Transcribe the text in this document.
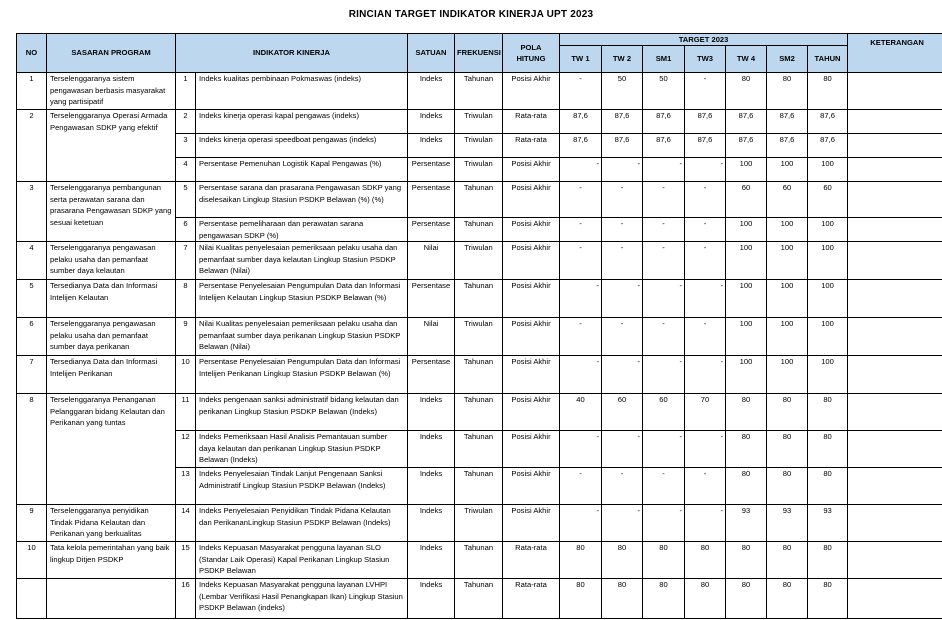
RINCIAN TARGET INDIKATOR KINERJA UPT 2023
NO	SASARAN PROGRAM	INDIKATOR KINERJA		SATUAN	FREKUENSI	POLA HITUNG	TARGET 2023							KETERANGAN
							TW 1	TW 2	SM1	TW3	TW 4	SM2	TAHUN	
1	Terselenggaranya sistem pengawasan berbasis masyarakat yang partisipatif	1	Indeks kualitas pembinaan Pokmaswas (indeks)	Indeks	Tahunan	Posisi Akhir	-	50	50	-	80	80	80	
2	Terselenggaranya Operasi Armada Pengawasan SDKP yang efektif	2	Indeks kinerja operasi kapal pengawas (indeks)	Indeks	Triwulan	Rata-rata	87,6	87,6	87,6	87,6	87,6	87,6	87,6	
		3	Indeks kinerja operasi speedboat pengawas (indeks)	Indeks	Triwulan	Rata-rata	87,6	87,6	87,6	87,6	87,6	87,6	87,6	
		4	Persentase Pemenuhan Logistik Kapal Pengawas (%)	Persentase	Triwulan	Posisi Akhir	-	-	-	-	100	100	100	
3	Terselenggaranya pembangunan serta perawatan sarana dan prasarana Pengawasan SDKP yang sesuai ketetuan	5	Persentase sarana dan prasarana Pengawasan SDKP yang diselesaikan Lingkup Stasiun PSDKP Belawan (%) (%)	Persentase	Tahunan	Posisi Akhir	-	-	-	-	60	60	60	
		6	Persentase pemeliharaan dan perawatan sarana pengawasan SDKP (%)	Persentase	Tahunan	Posisi Akhir	-	-	-	-	100	100	100	
4	Terselenggaranya pengawasan pelaku usaha dan pemanfaat sumber daya kelautan	7	Nilai Kualitas penyelesaian pemeriksaan pelaku usaha dan pemanfaat sumber daya kelautan Lingkup Stasiun PSDKP Belawan (Nilai)	Nilai	Triwulan	Posisi Akhir	-	-	-	-	100	100	100	
5	Tersedianya Data dan Informasi Intelijen Kelautan	8	Persentase Penyelesaian Pengumpulan Data dan Informasi Intelijen Kelautan Lingkup Stasiun PSDKP Belawan (%)	Persentase	Tahunan	Posisi Akhir	-	-	-	-	100	100	100	
6	Terselenggaranya pengawasan pelaku usaha dan pemanfaat sumber daya perikanan	9	Nilai Kualitas penyelesaian pemeriksaan pelaku usaha dan pemanfaat sumber daya perikanan Lingkup Stasiun PSDKP Belawan (Nilai)	Nilai	Triwulan	Posisi Akhir	-	-	-	-	100	100	100	
7	Tersedianya Data dan Informasi Intelijen Perikanan	10	Persentase Penyelesaian Pengumpulan Data dan Informasi Intelijen Perikanan Lingkup Stasiun PSDKP Belawan (%)	Persentase	Tahunan	Posisi Akhir	-	-	-	-	100	100	100	
8	Terselenggaranya Penanganan Pelanggaran bidang Kelautan dan Perikanan yang tuntas	11	Indeks pengenaan sanksi administratif bidang kelautan dan perikanan Lingkup Stasiun PSDKP Belawan (Indeks)	Indeks	Tahunan	Posisi Akhir	40	60	60	70	80	80	80	
		12	Indeks Pemeriksaan Hasil Analisis Pemantauan sumber daya kelautan dan perikanan Lingkup Stasiun PSDKP Belawan (Indeks)	Indeks	Tahunan	Posisi Akhir	-	-	-	-	80	80	80	
		13	Indeks Penyelesaian Tindak Lanjut Pengenaan Sanksi Administratif Lingkup Stasiun PSDKP Belawan (Indeks)	Indeks	Tahunan	Posisi Akhir	-	-	-	-	80	80	80	
9	Terselenggaranya penyidikan Tindak Pidana Kelautan dan Perikanan yang berkualitas	14	Indeks Penyelesaian Penyidikan Tindak Pidana Kelautan dan PerikananLingkup Stasiun PSDKP Belawan (Indeks)	Indeks	Triwulan	Posisi Akhir	-	-	-	-	93	93	93	
10	Tata kelola pemerintahan yang baik lingkup Ditjen PSDKP	15	Indeks Kepuasan Masyarakat pengguna layanan SLO (Standar Laik Operasi) Kapal Perikanan Lingkup Stasiun PSDKP Belawan	Indeks	Tahunan	Rata-rata	80	80	80	80	80	80	80	
		16	Indeks Kepuasan Masyarakat pengguna layanan LVHPI (Lembar Verifikasi Hasil Penangkapan Ikan) Lingkup Stasiun PSDKP Belawan (indeks)	Indeks	Tahunan	Rata-rata	80	80	80	80	80	80	80	
